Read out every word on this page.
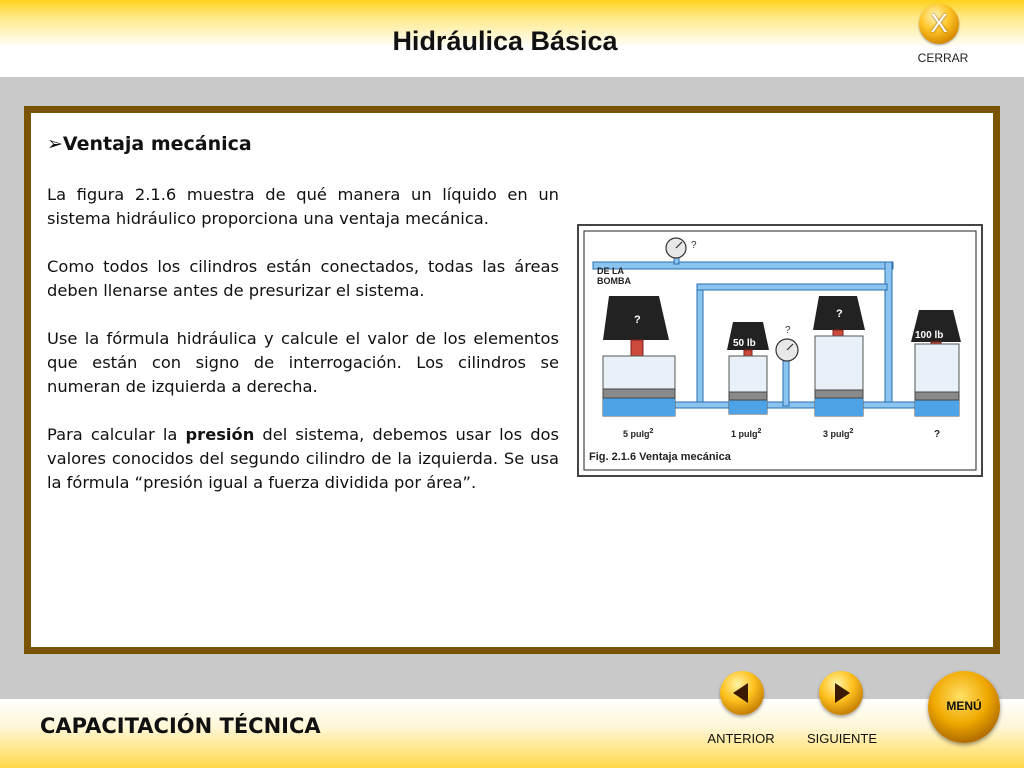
Hidráulica Básica
X
CERRAR
➢Ventaja mecánica

La figura 2.1.6 muestra de qué manera un líquido en un sistema hidráulico proporciona una ventaja mecánica.

Como todos los cilindros están conectados, todas las áreas deben llenarse antes de presurizar el sistema.

Use la fórmula hidráulica y calcule el valor de los elementos que están con signo de interrogación. Los cilindros se numeran de izquierda a derecha.

Para calcular la presión del sistema, debemos usar los dos valores conocidos del segundo cilindro de la izquierda. Se usa la fórmula “presión igual a fuerza dividida por área”.

?
?
DE LA
BOMBA
?
50 lb
?
100 lb
5 pulg$^2$	1 pulg$^2$	3 pulg$^2$	?
Fig. 2.1.6 Ventaja mecánica
CAPACITACIÓN TÉCNICA
ANTERIOR	SIGUIENTE
MENÚ
